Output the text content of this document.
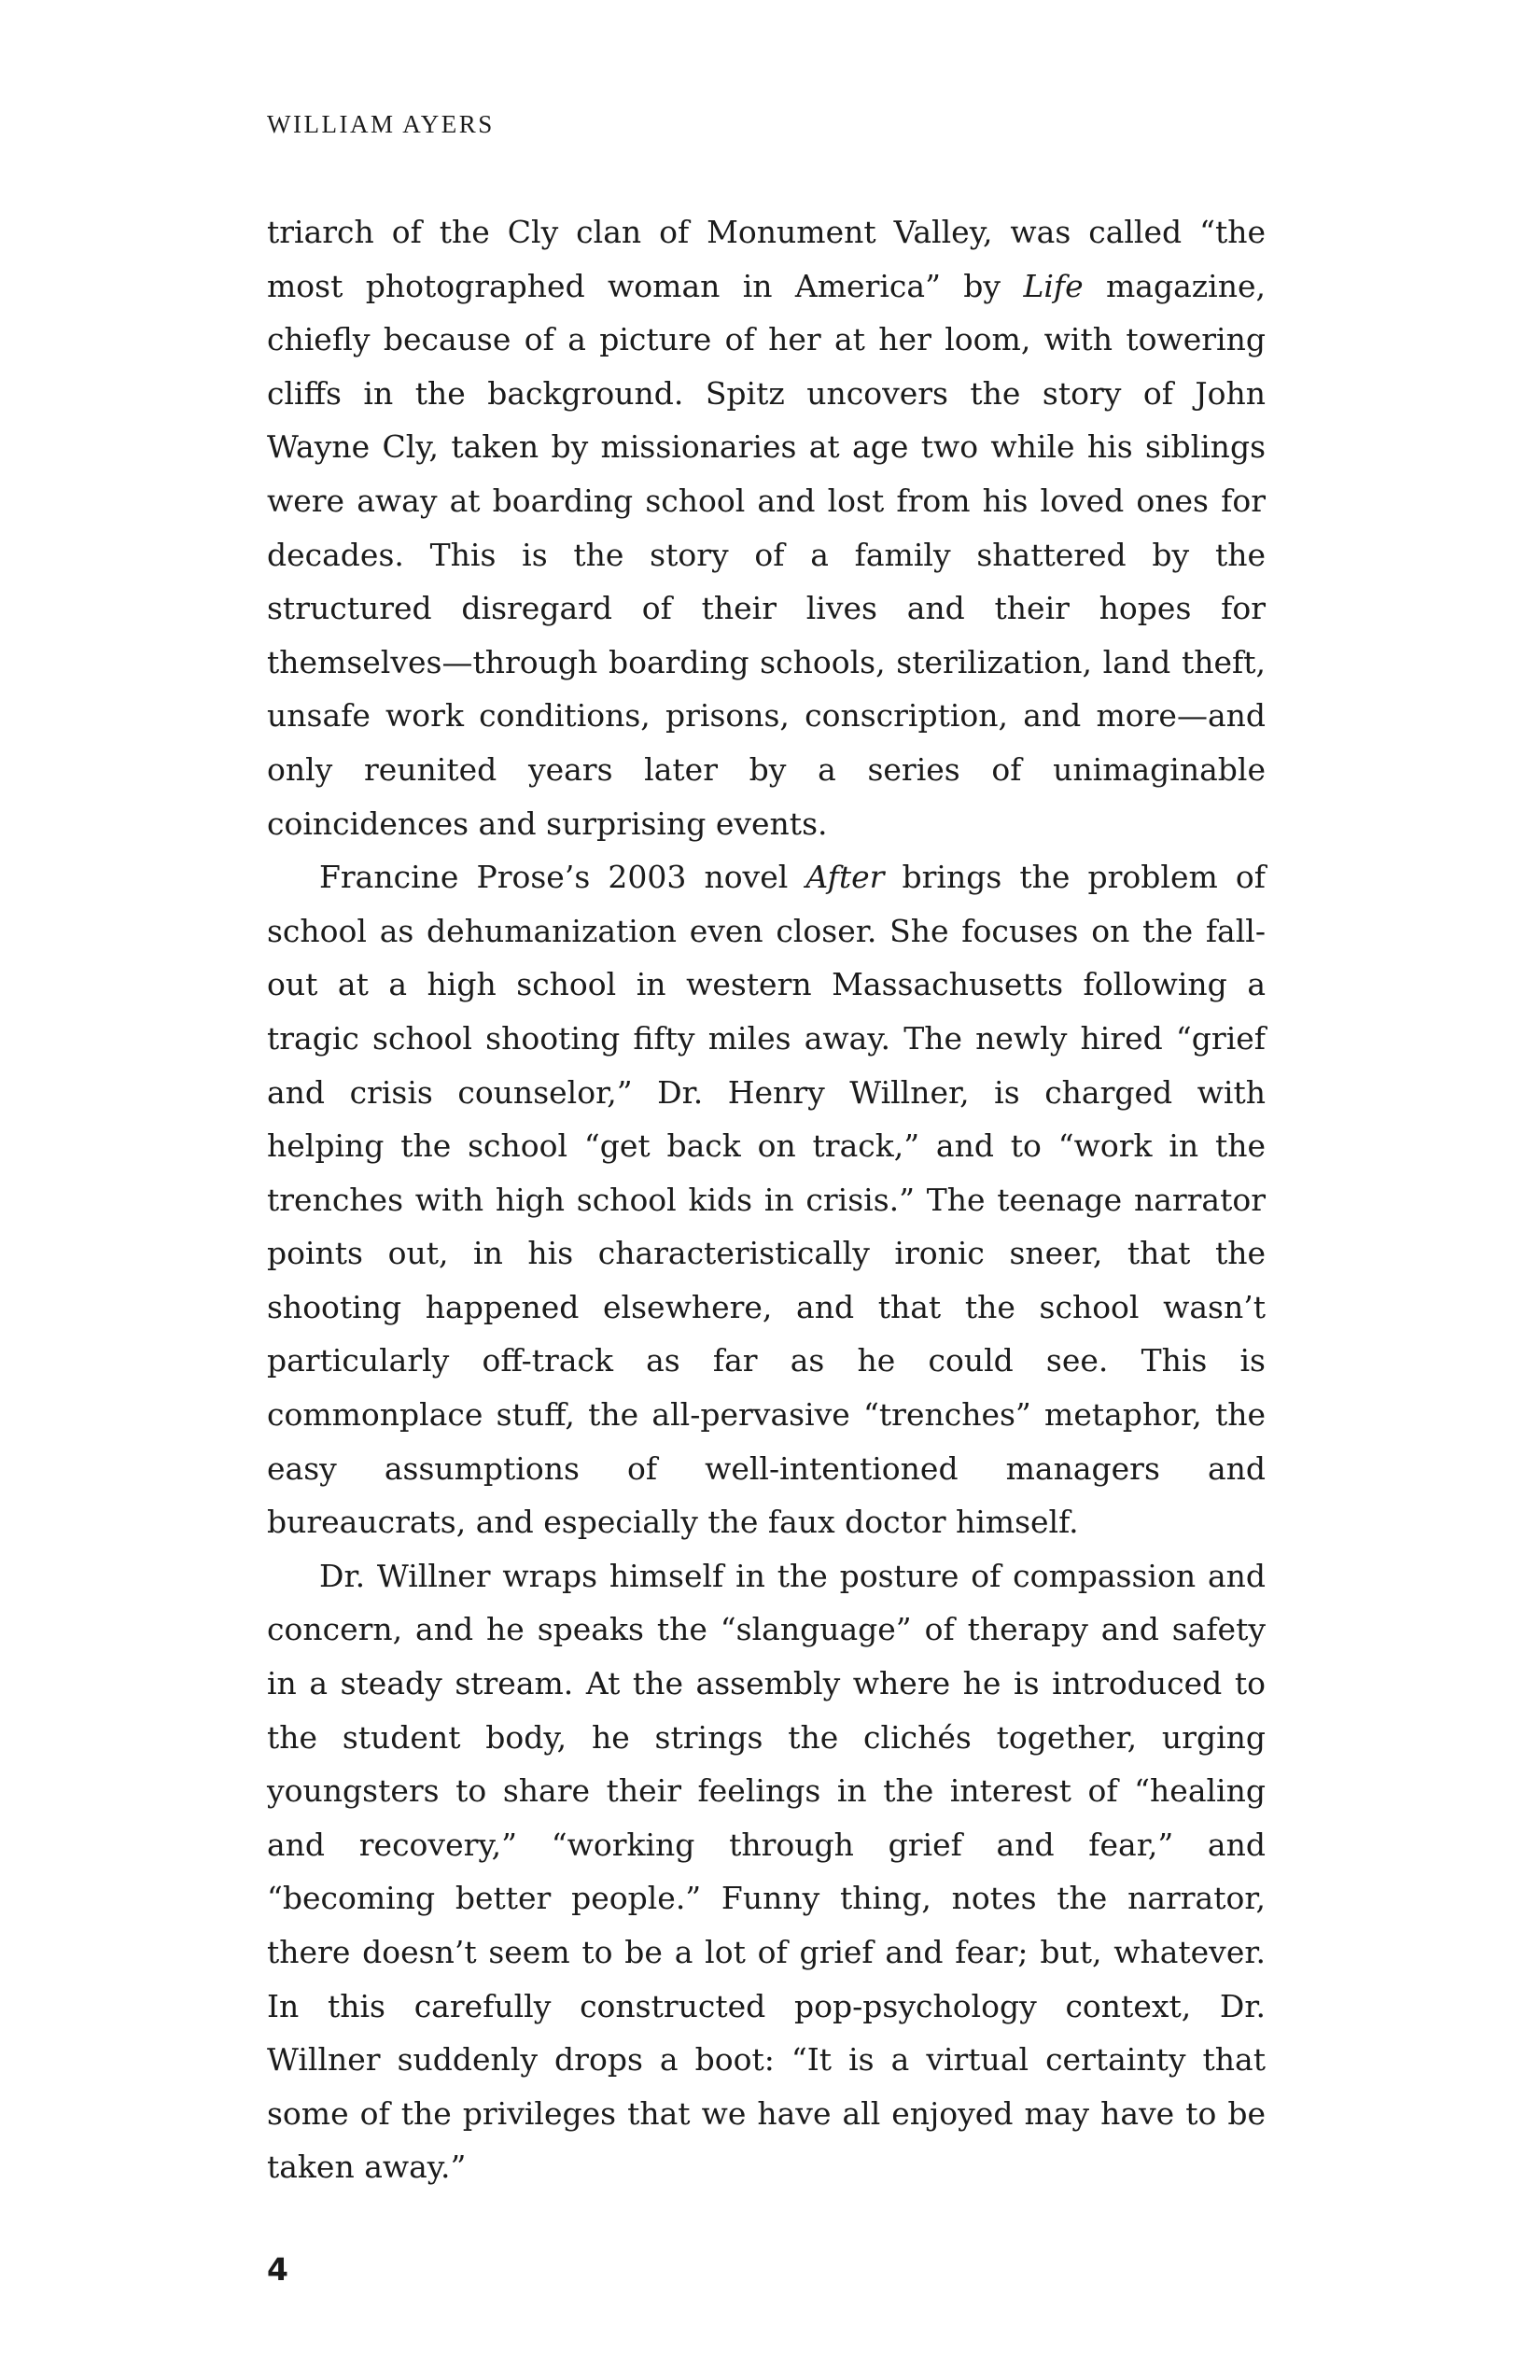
WILLIAM AYERS

triarch of the Cly clan of Monument Valley, was called “the most photographed woman in America” by Life magazine, chiefly because of a picture of her at her loom, with towering cliffs in the background. Spitz uncovers the story of John Wayne Cly, taken by missionaries at age two while his siblings were away at boarding school and lost from his loved ones for decades. This is the story of a family shattered by the structured disregard of their lives and their hopes for themselves—through boarding schools, sterilization, land theft, unsafe work conditions, prisons, conscription, and more—and only reunited years later by a series of unimaginable coincidences and surprising events.

Francine Prose’s 2003 novel After brings the problem of school as dehumanization even closer. She focuses on the fallout at a high school in western Massachusetts following a tragic school shooting fifty miles away. The newly hired “grief and crisis counselor,” Dr. Henry Willner, is charged with helping the school “get back on track,” and to “work in the trenches with high school kids in crisis.” The teenage narrator points out, in his characteristically ironic sneer, that the shooting happened elsewhere, and that the school wasn’t particularly off-track as far as he could see. This is commonplace stuff, the all-pervasive “trenches” metaphor, the easy assumptions of well-intentioned managers and bureaucrats, and especially the faux doctor himself.

Dr. Willner wraps himself in the posture of compassion and concern, and he speaks the “slanguage” of therapy and safety in a steady stream. At the assembly where he is introduced to the student body, he strings the clichés together, urging youngsters to share their feelings in the interest of “healing and recovery,” “working through grief and fear,” and “becoming better people.” Funny thing, notes the narrator, there doesn’t seem to be a lot of grief and fear; but, whatever. In this carefully constructed pop-psychology context, Dr. Willner suddenly drops a boot: “It is a virtual certainty that some of the privileges that we have all enjoyed may have to be taken away.”

4
